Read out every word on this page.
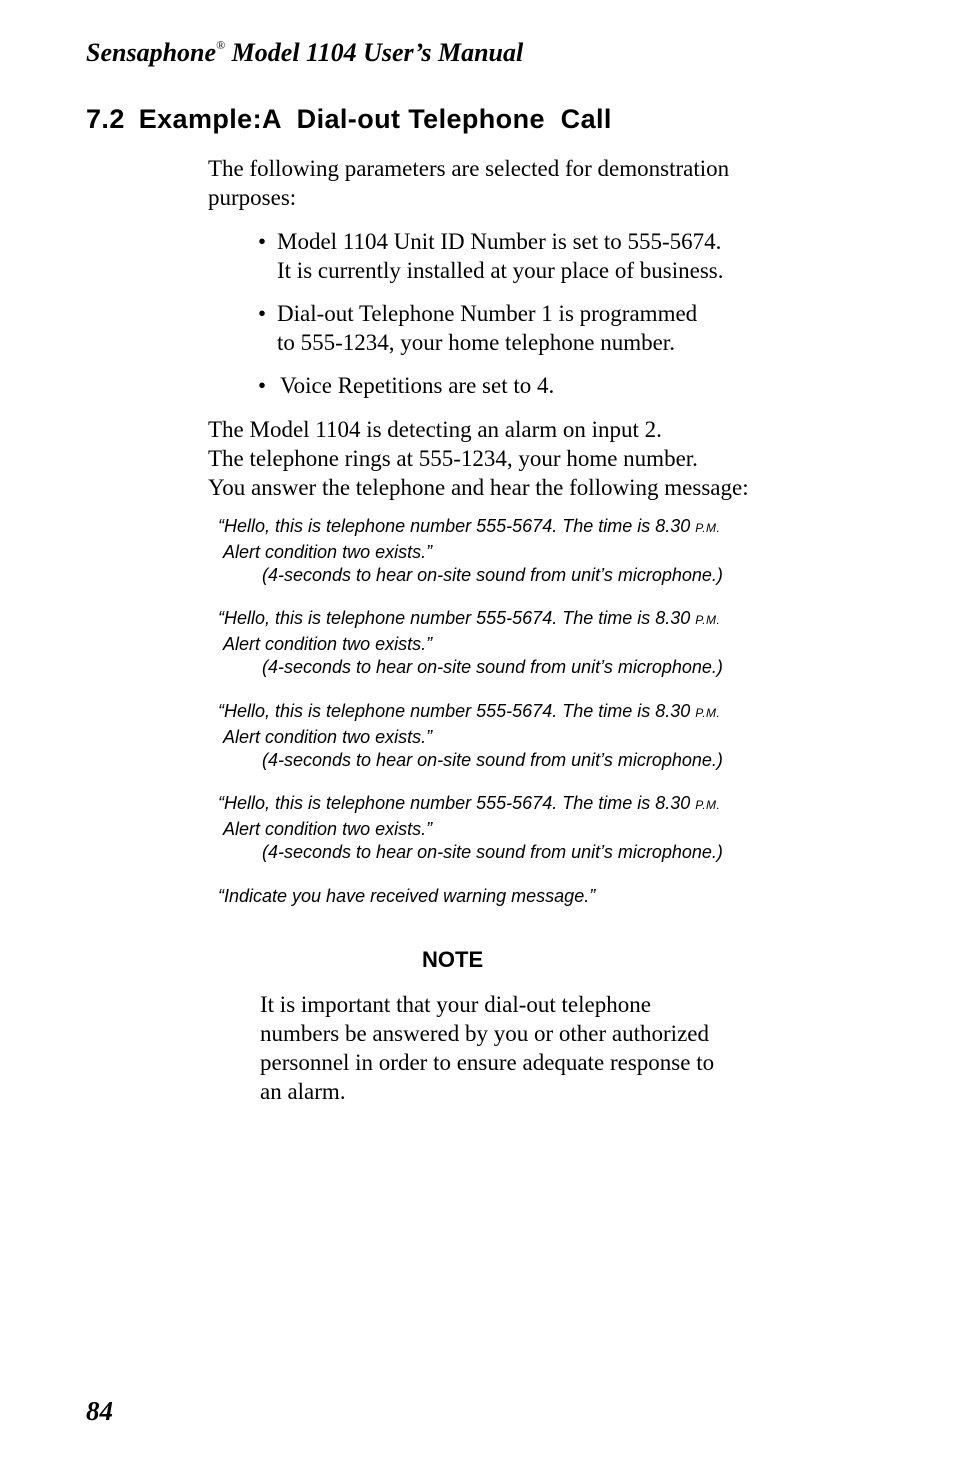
Sensaphone® Model 1104 User’s Manual
7.2 Example:A  Dial-out Telephone  Call
The following parameters are selected for demonstration
purposes:
• Model 1104 Unit ID Number is set to 555-5674.
It is currently installed at your place of business.
• Dial-out Telephone Number 1 is programmed
to 555-1234, your home telephone number.
• Voice Repetitions are set to 4.
The Model 1104 is detecting an alarm on input 2.
The telephone rings at 555-1234, your home number.
You answer the telephone and hear the following message:
“Hello, this is telephone number 555-5674. The time is 8.30 P.M.
Alert condition two exists.”
(4-seconds to hear on-site sound from unit’s microphone.)
“Hello, this is telephone number 555-5674. The time is 8.30 P.M.
Alert condition two exists.”
(4-seconds to hear on-site sound from unit’s microphone.)
“Hello, this is telephone number 555-5674. The time is 8.30 P.M.
Alert condition two exists.”
(4-seconds to hear on-site sound from unit’s microphone.)
“Hello, this is telephone number 555-5674. The time is 8.30 P.M.
Alert condition two exists.”
(4-seconds to hear on-site sound from unit’s microphone.)
“Indicate you have received warning message.”
NOTE
It is important that your dial-out telephone
numbers be answered by you or other authorized
personnel in order to ensure adequate response to
an alarm.
84
